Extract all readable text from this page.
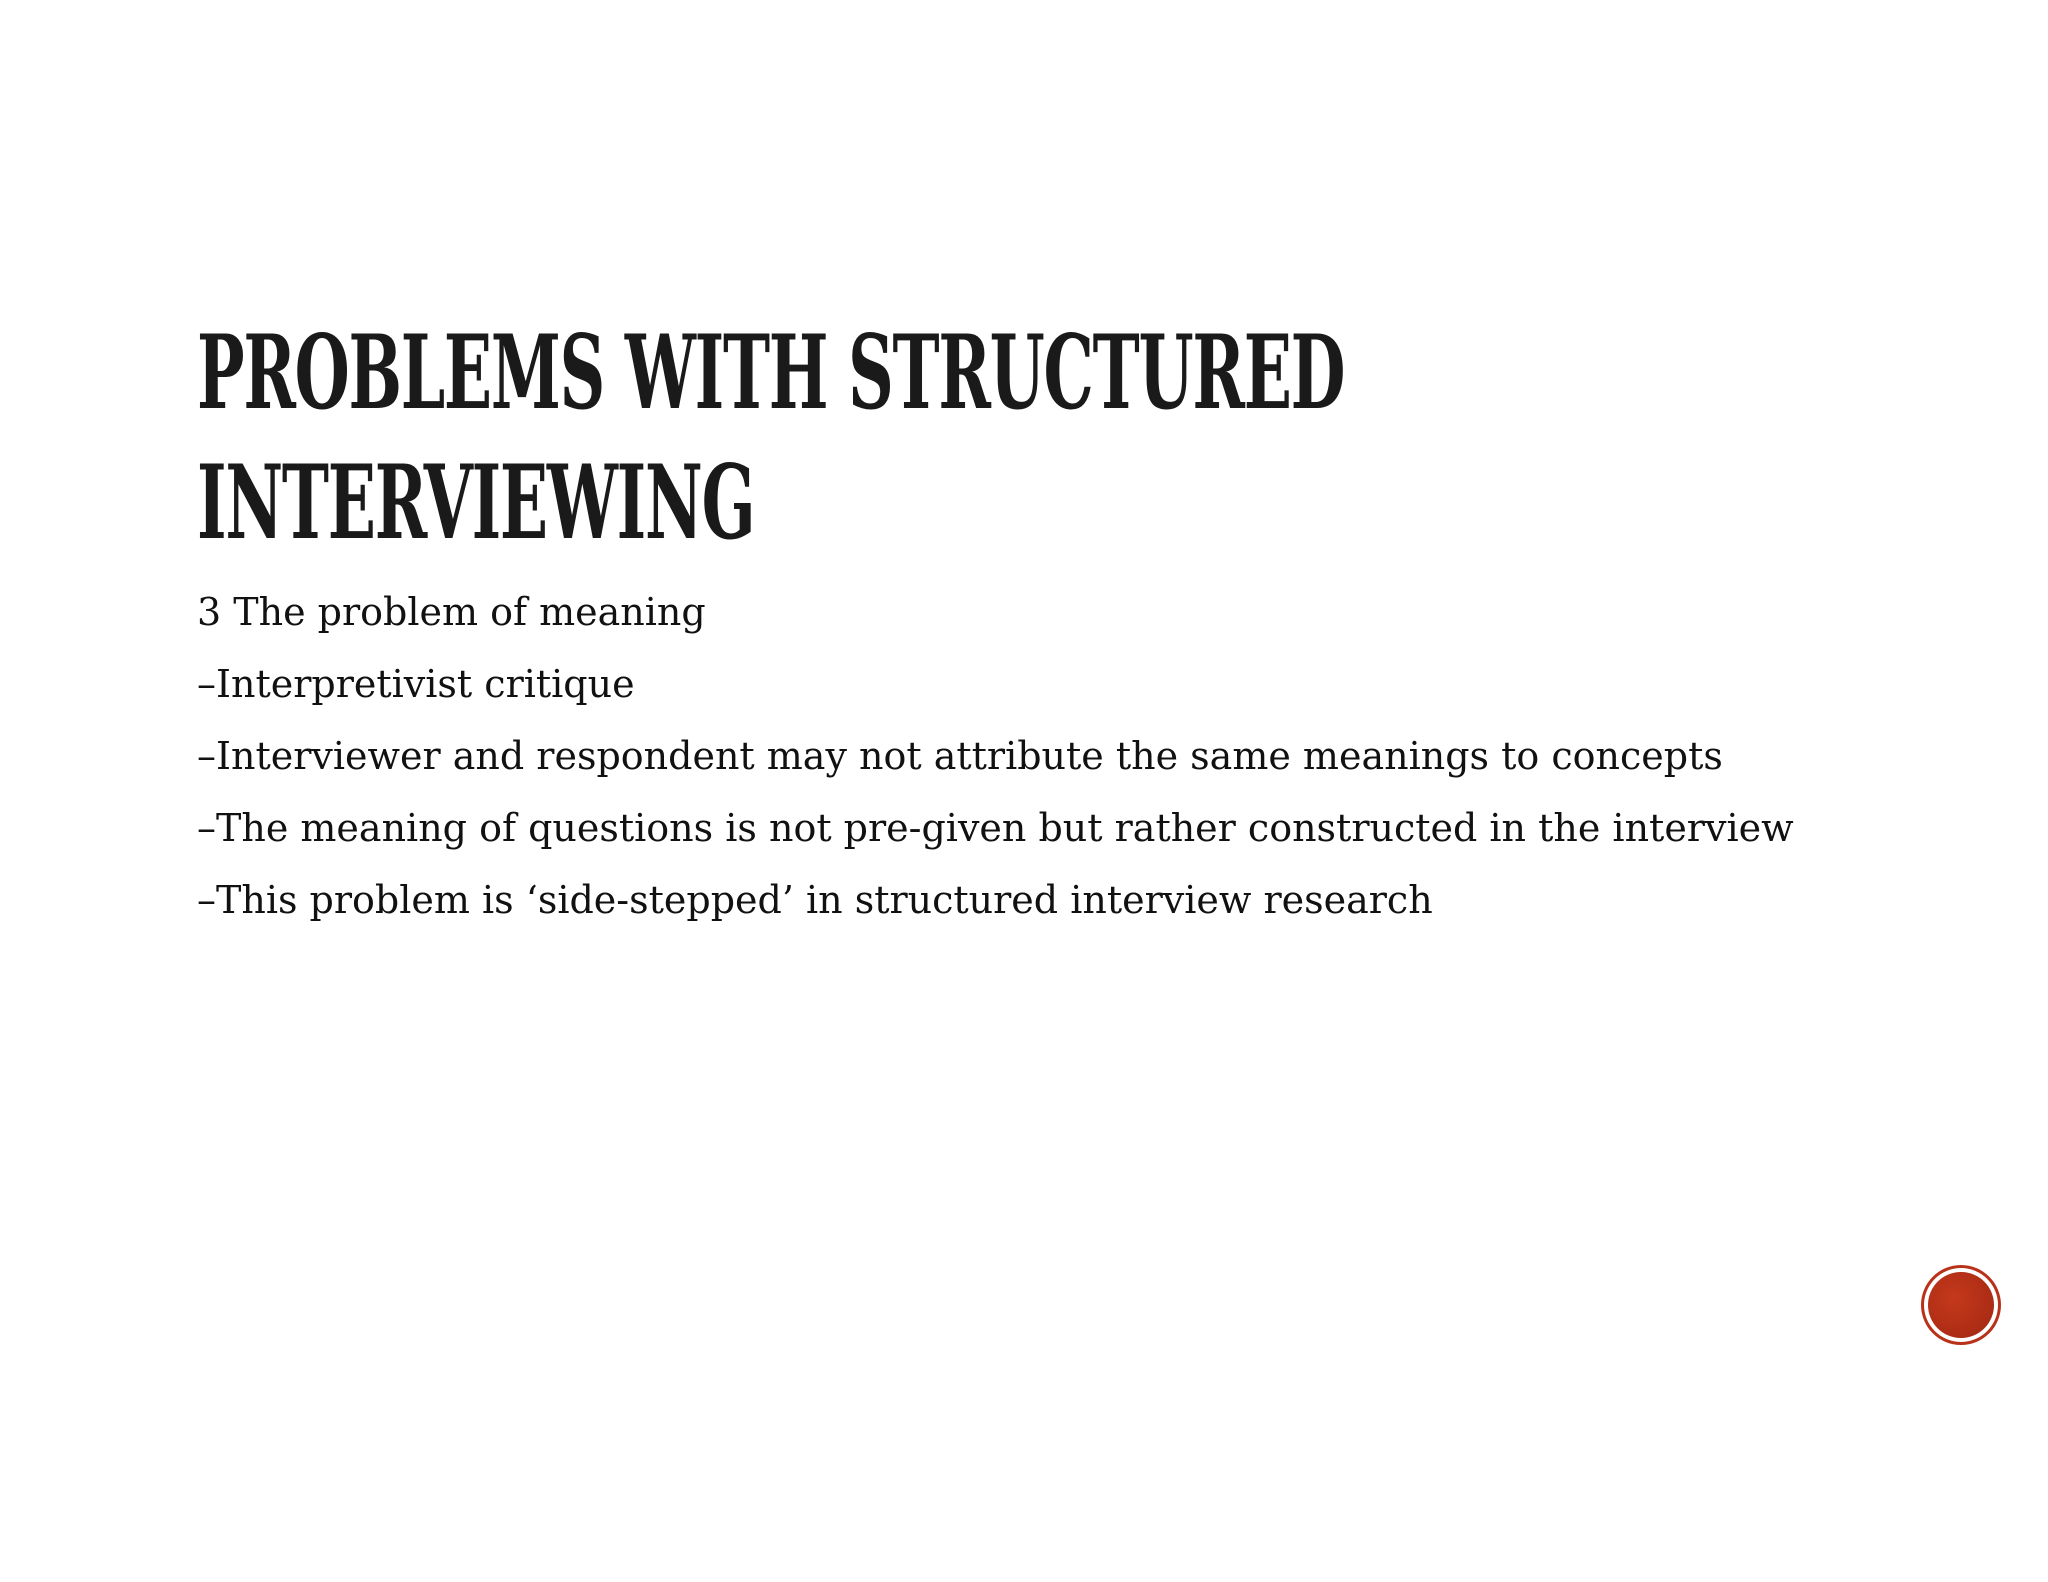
PROBLEMS WITH STRUCTURED
INTERVIEWING
3 The problem of meaning
–Interpretivist critique
–Interviewer and respondent may not attribute the same meanings to concepts
–The meaning of questions is not pre-given but rather constructed in the interview
–This problem is ‘side-stepped’ in structured interview research
